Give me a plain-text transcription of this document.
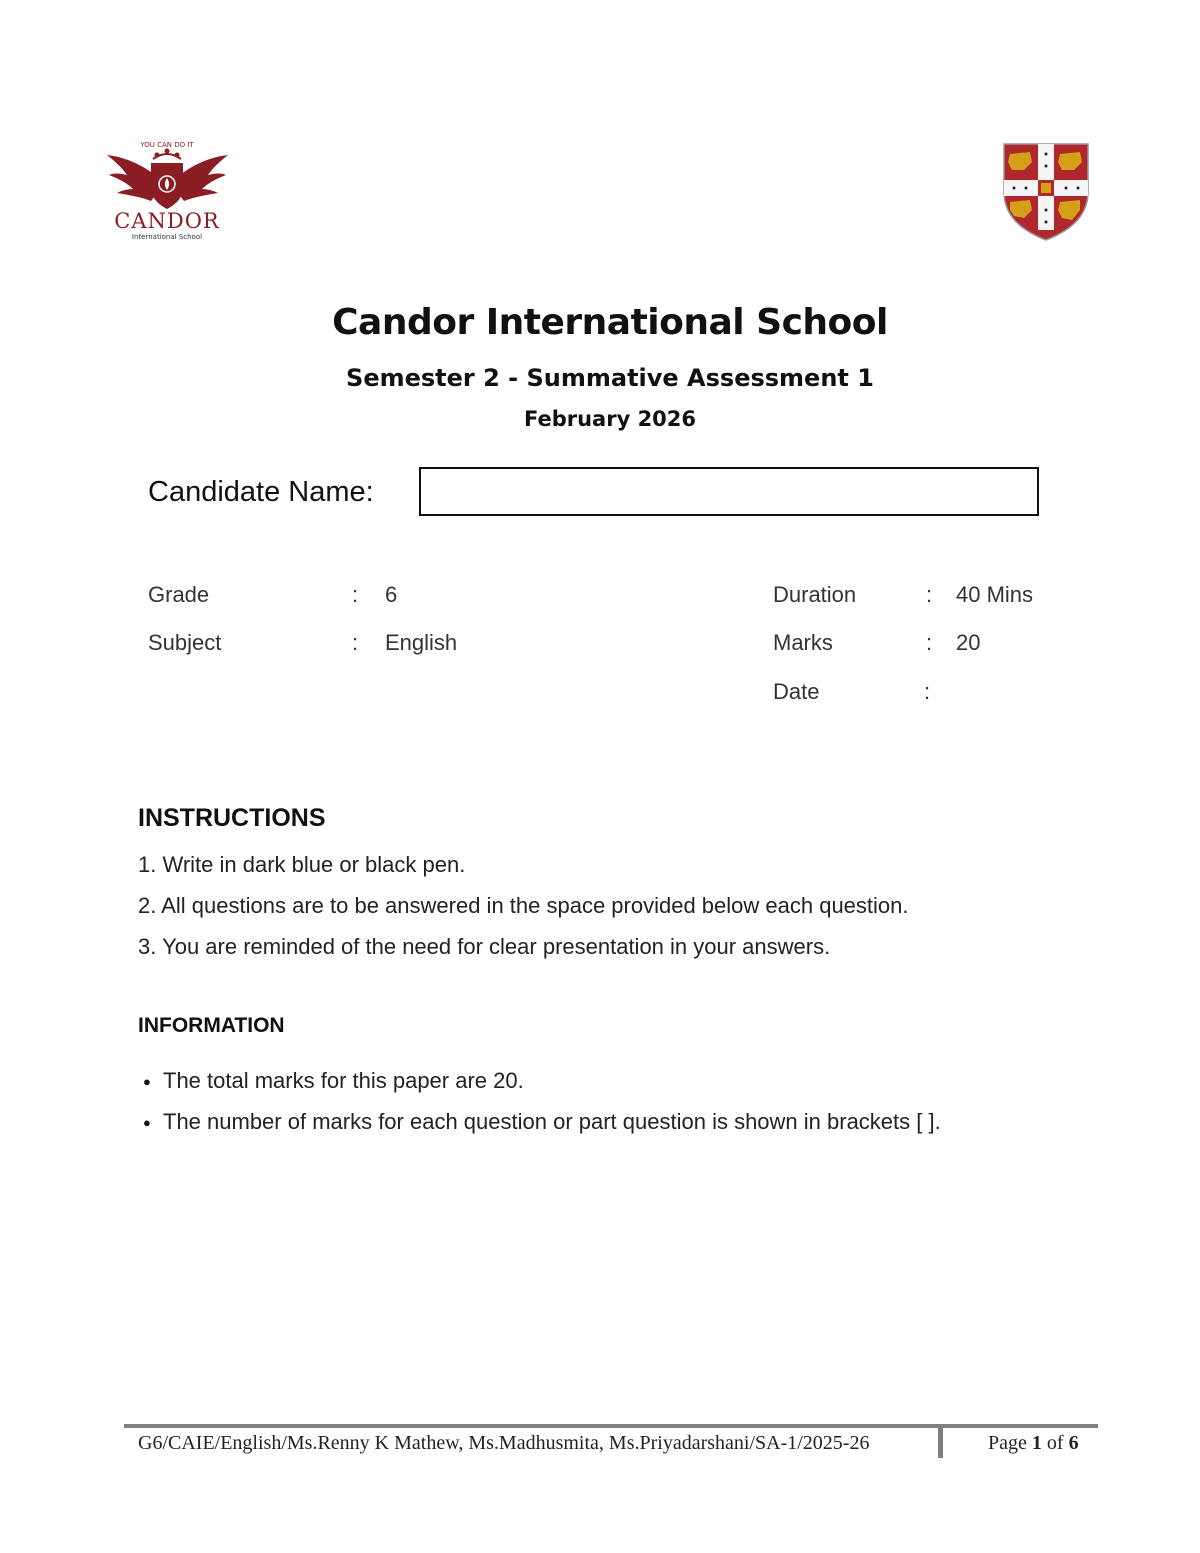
YOU CAN DO IT
CANDOR
International School
Candor International School
Semester 2 - Summative Assessment 1
February 2026
Candidate Name:
Grade	: 6
Subject	: English
Duration	: 40 Mins
Marks	: 20
Date	:
INSTRUCTIONS
1. Write in dark blue or black pen.
2. All questions are to be answered in the space provided below each question.
3. You are reminded of the need for clear presentation in your answers.
INFORMATION
● The total marks for this paper are 20.
● The number of marks for each question or part question is shown in brackets [ ].
G6/CAIE/English/Ms.Renny K Mathew, Ms.Madhusmita, Ms.Priyadarshani/SA-1/2025-26	Page 1 of 6
